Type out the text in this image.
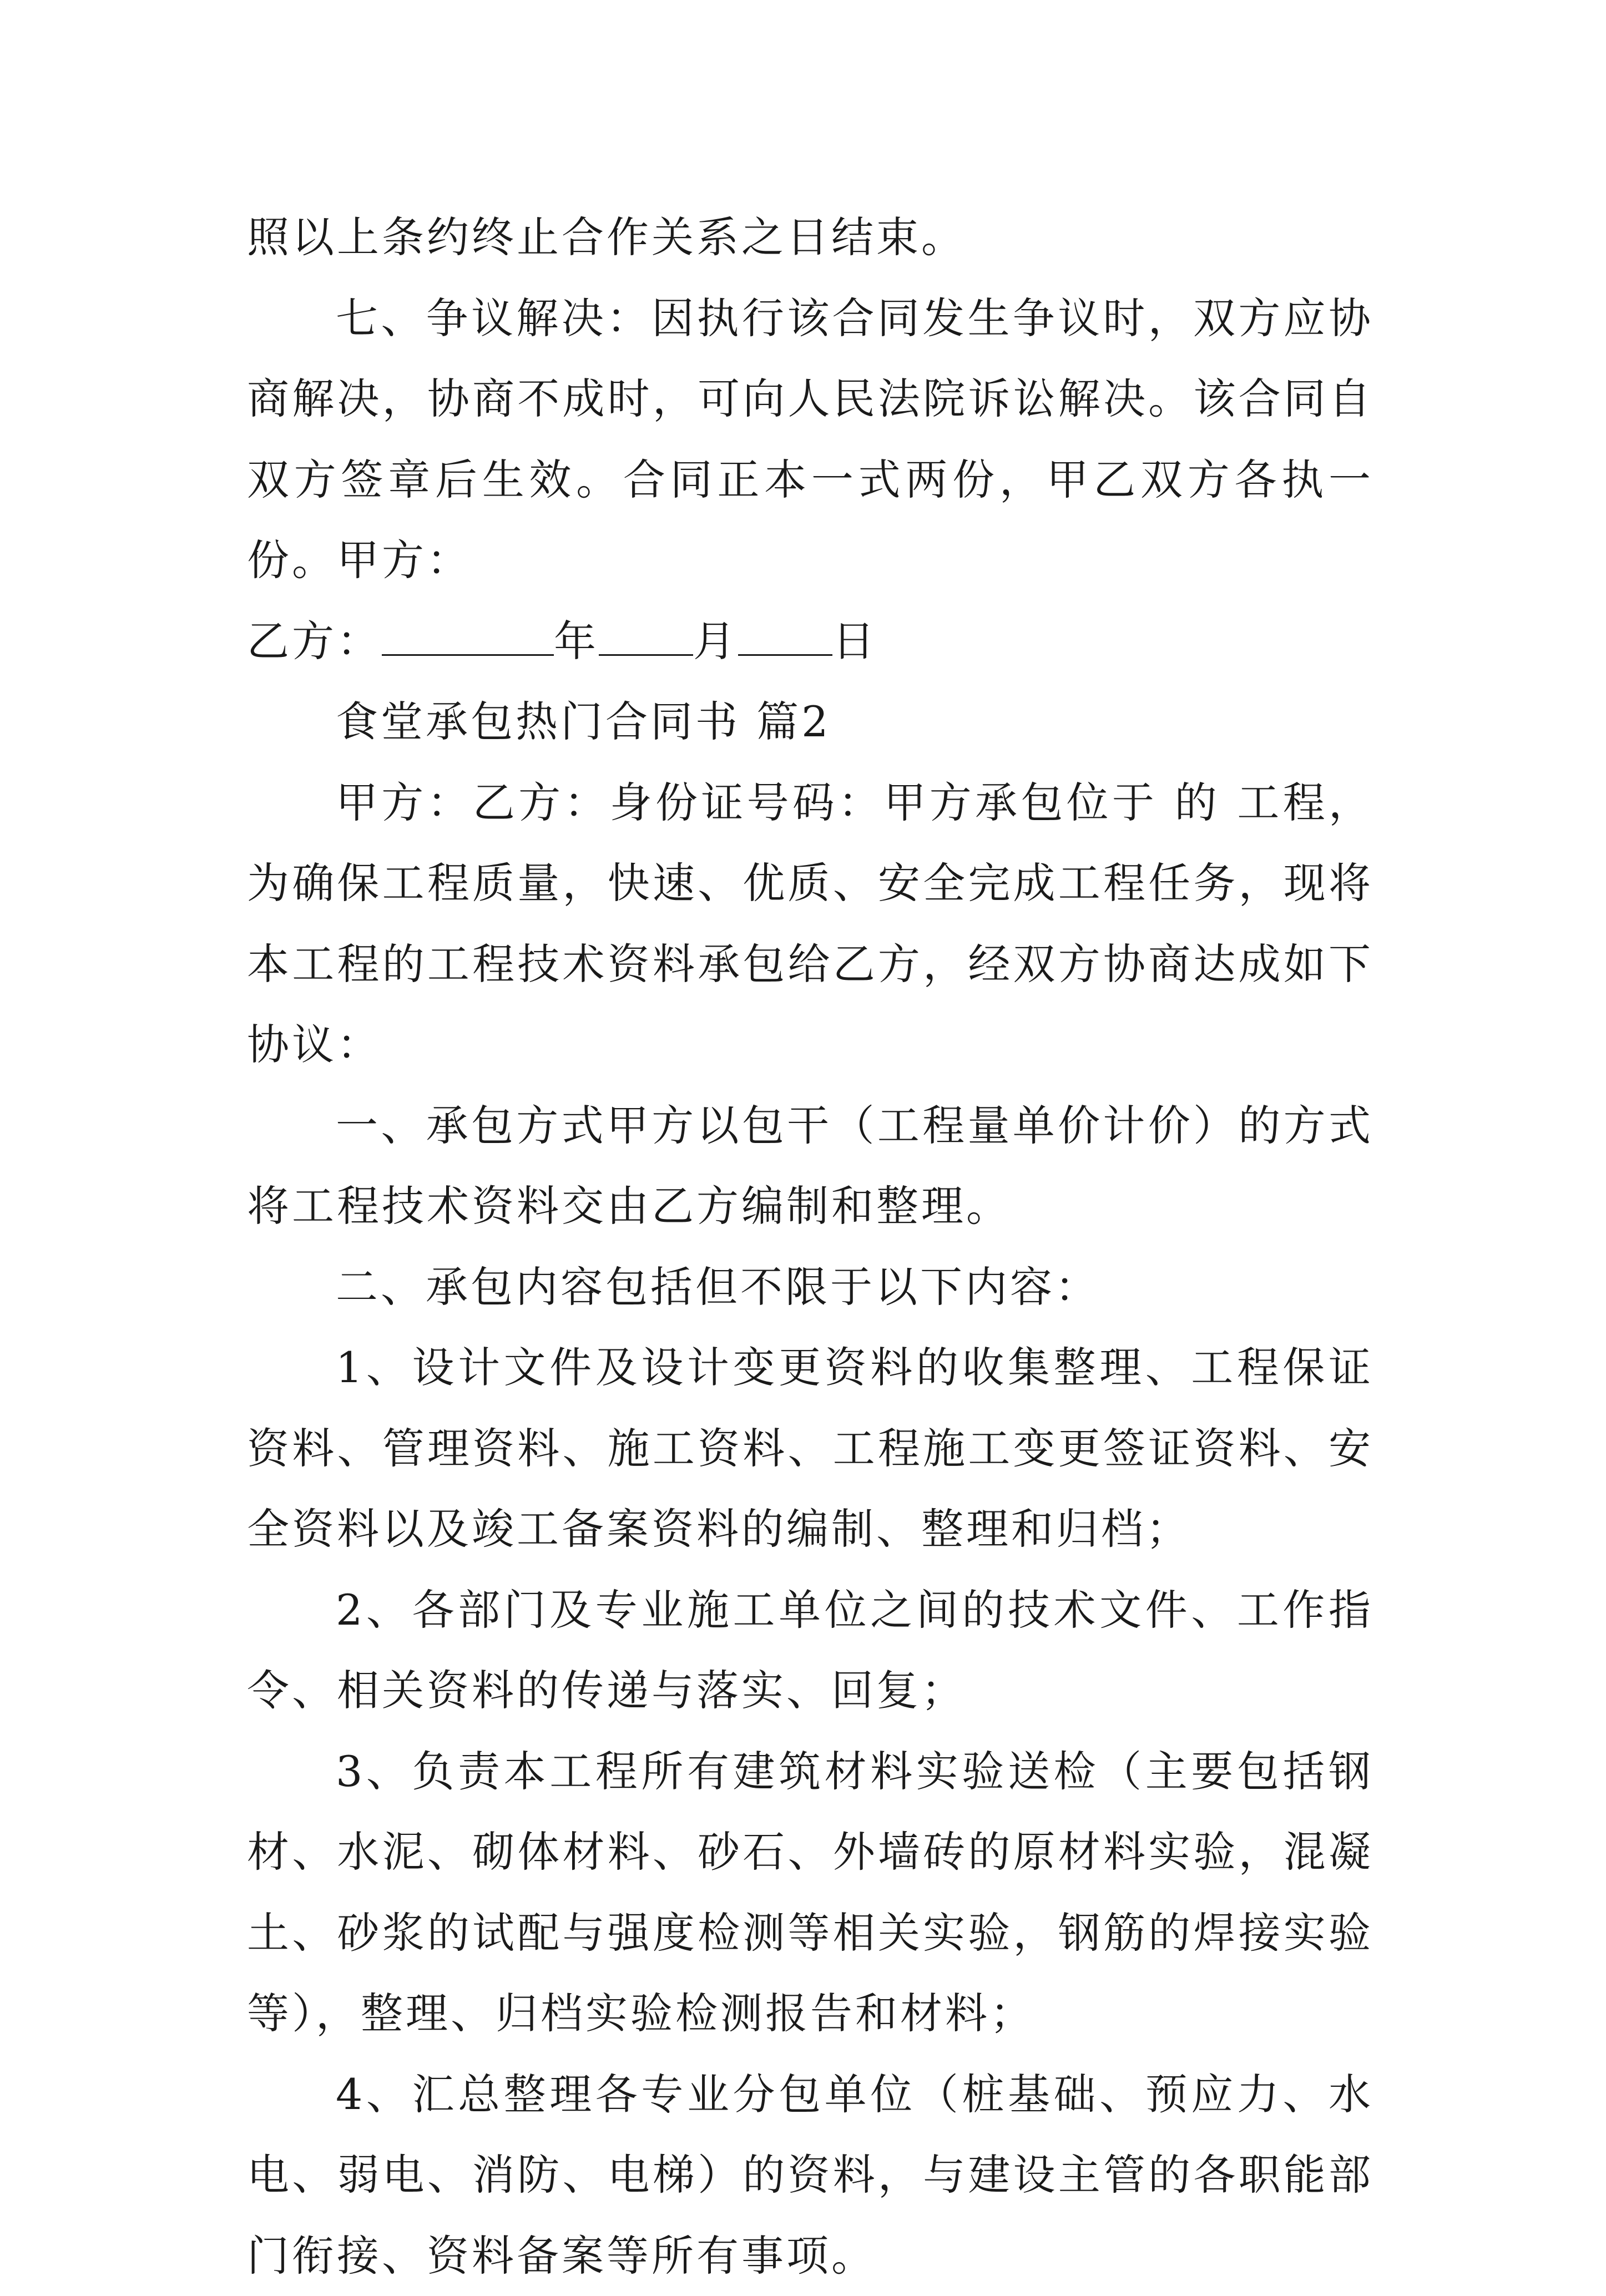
照以上条约终止合作关系之日结束。

七、争议解决：因执行该合同发生争议时，双方应协商解决，协商不成时，可向人民法院诉讼解决。该合同自双方签章后生效。合同正本一式两份，甲乙双方各执一份。甲方：

乙方：	年 月 日

食堂承包热门合同书 篇2

甲方：乙方：身份证号码：甲方承包位于 的 工程，为确保工程质量，快速、优质、安全完成工程任务，现将本工程的工程技术资料承包给乙方，经双方协商达成如下协议：

一、承包方式甲方以包干（工程量单价计价）的方式将工程技术资料交由乙方编制和整理。

二、承包内容包括但不限于以下内容：

1、设计文件及设计变更资料的收集整理、工程保证资料、管理资料、施工资料、工程施工变更签证资料、安全资料以及竣工备案资料的编制、整理和归档；

2、各部门及专业施工单位之间的技术文件、工作指令、相关资料的传递与落实、回复；

3、负责本工程所有建筑材料实验送检（主要包括钢材、水泥、砌体材料、砂石、外墙砖的原材料实验，混凝土、砂浆的试配与强度检测等相关实验，钢筋的焊接实验等），整理、归档实验检测报告和材料；

4、汇总整理各专业分包单位（桩基础、预应力、水电、弱电、消防、电梯）的资料，与建设主管的各职能部门衔接、资料备案等所有事项。
